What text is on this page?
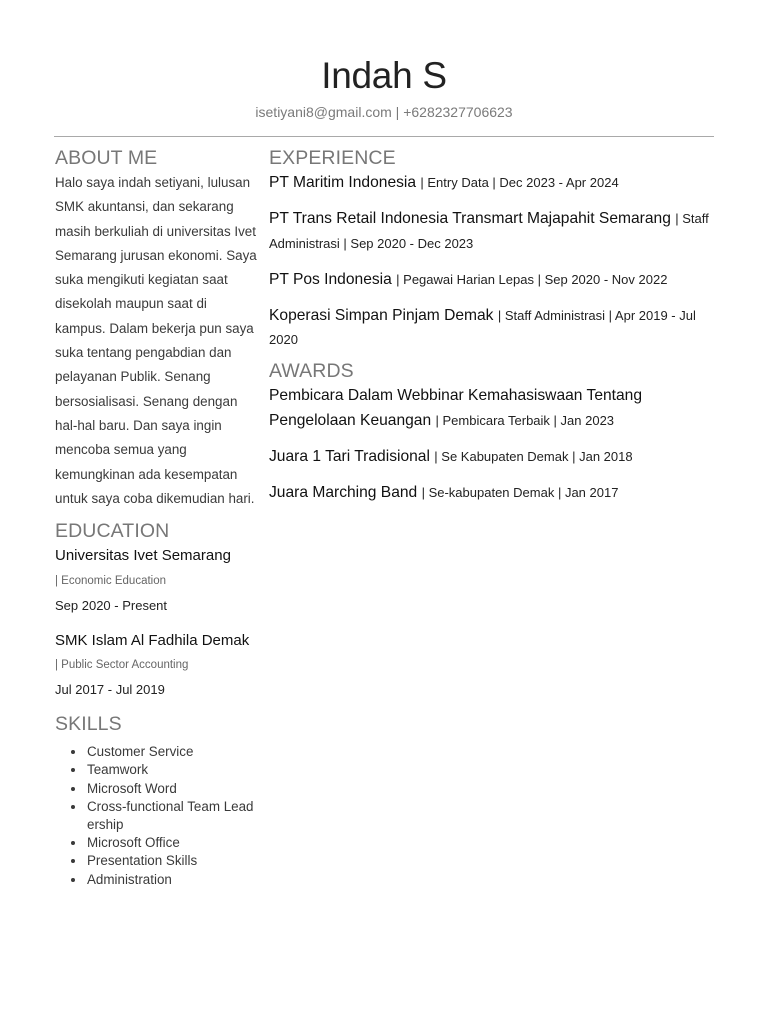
Indah S
isetiyani8@gmail.com | +6282327706623
ABOUT ME
Halo saya indah setiyani, lulusan SMK akuntansi, dan sekarang masih berkuliah di universitas Ivet Semarang jurusan ekonomi. Saya suka mengikuti kegiatan saat disekolah maupun saat di kampus. Dalam bekerja pun saya suka tentang pengabdian dan pelayanan Publik. Senang bersosialisasi. Senang dengan hal-hal baru. Dan saya ingin mencoba semua yang kemungkinan ada kesempatan untuk saya coba dikemudian hari.
EDUCATION
Universitas Ivet Semarang
| Economic Education
Sep 2020 - Present
SMK Islam Al Fadhila Demak
| Public Sector Accounting
Jul 2017 - Jul 2019
SKILLS
• Customer Service
• Teamwork
• Microsoft Word
• Cross-functional Team Leadership
• Microsoft Office
• Presentation Skills
• Administration
EXPERIENCE
PT Maritim Indonesia | Entry Data | Dec 2023 - Apr 2024
PT Trans Retail Indonesia Transmart Majapahit Semarang | Staff Administrasi | Sep 2020 - Dec 2023
PT Pos Indonesia | Pegawai Harian Lepas | Sep 2020 - Nov 2022
Koperasi Simpan Pinjam Demak | Staff Administrasi | Apr 2019 - Jul 2020
AWARDS
Pembicara Dalam Webbinar Kemahasiswaan Tentang Pengelolaan Keuangan | Pembicara Terbaik | Jan 2023
Juara 1 Tari Tradisional | Se Kabupaten Demak | Jan 2018
Juara Marching Band | Se-kabupaten Demak | Jan 2017
